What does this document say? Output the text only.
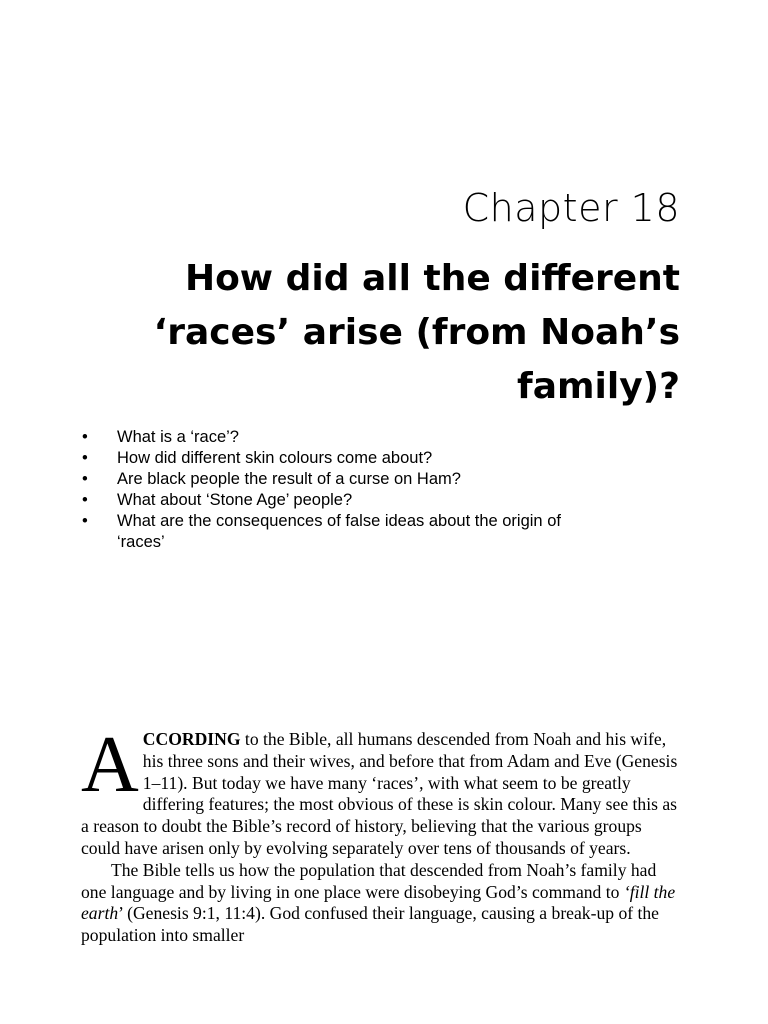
Chapter 18
How did all the different
‘races’ arise (from Noah’s
family)?
• What is a ‘race’?
• How did different skin colours come about?
• Are black people the result of a curse on Ham?
• What about ‘Stone Age’ people?
• What are the consequences of false ideas about the origin of ‘races’

ACCORDING to the Bible, all humans descended from Noah and his wife, his three sons and their wives, and before that from Adam and Eve (Genesis 1–11). But today we have many ‘races’, with what seem to be greatly differing features; the most obvious of these is skin colour. Many see this as a reason to doubt the Bible’s record of history, believing that the various groups could have arisen only by evolving separately over tens of thousands of years.

The Bible tells us how the population that descended from Noah’s family had one language and by living in one place were disobeying God’s command to ‘fill the earth’ (Genesis 9:1, 11:4). God confused their language, causing a break-up of the population into smaller
